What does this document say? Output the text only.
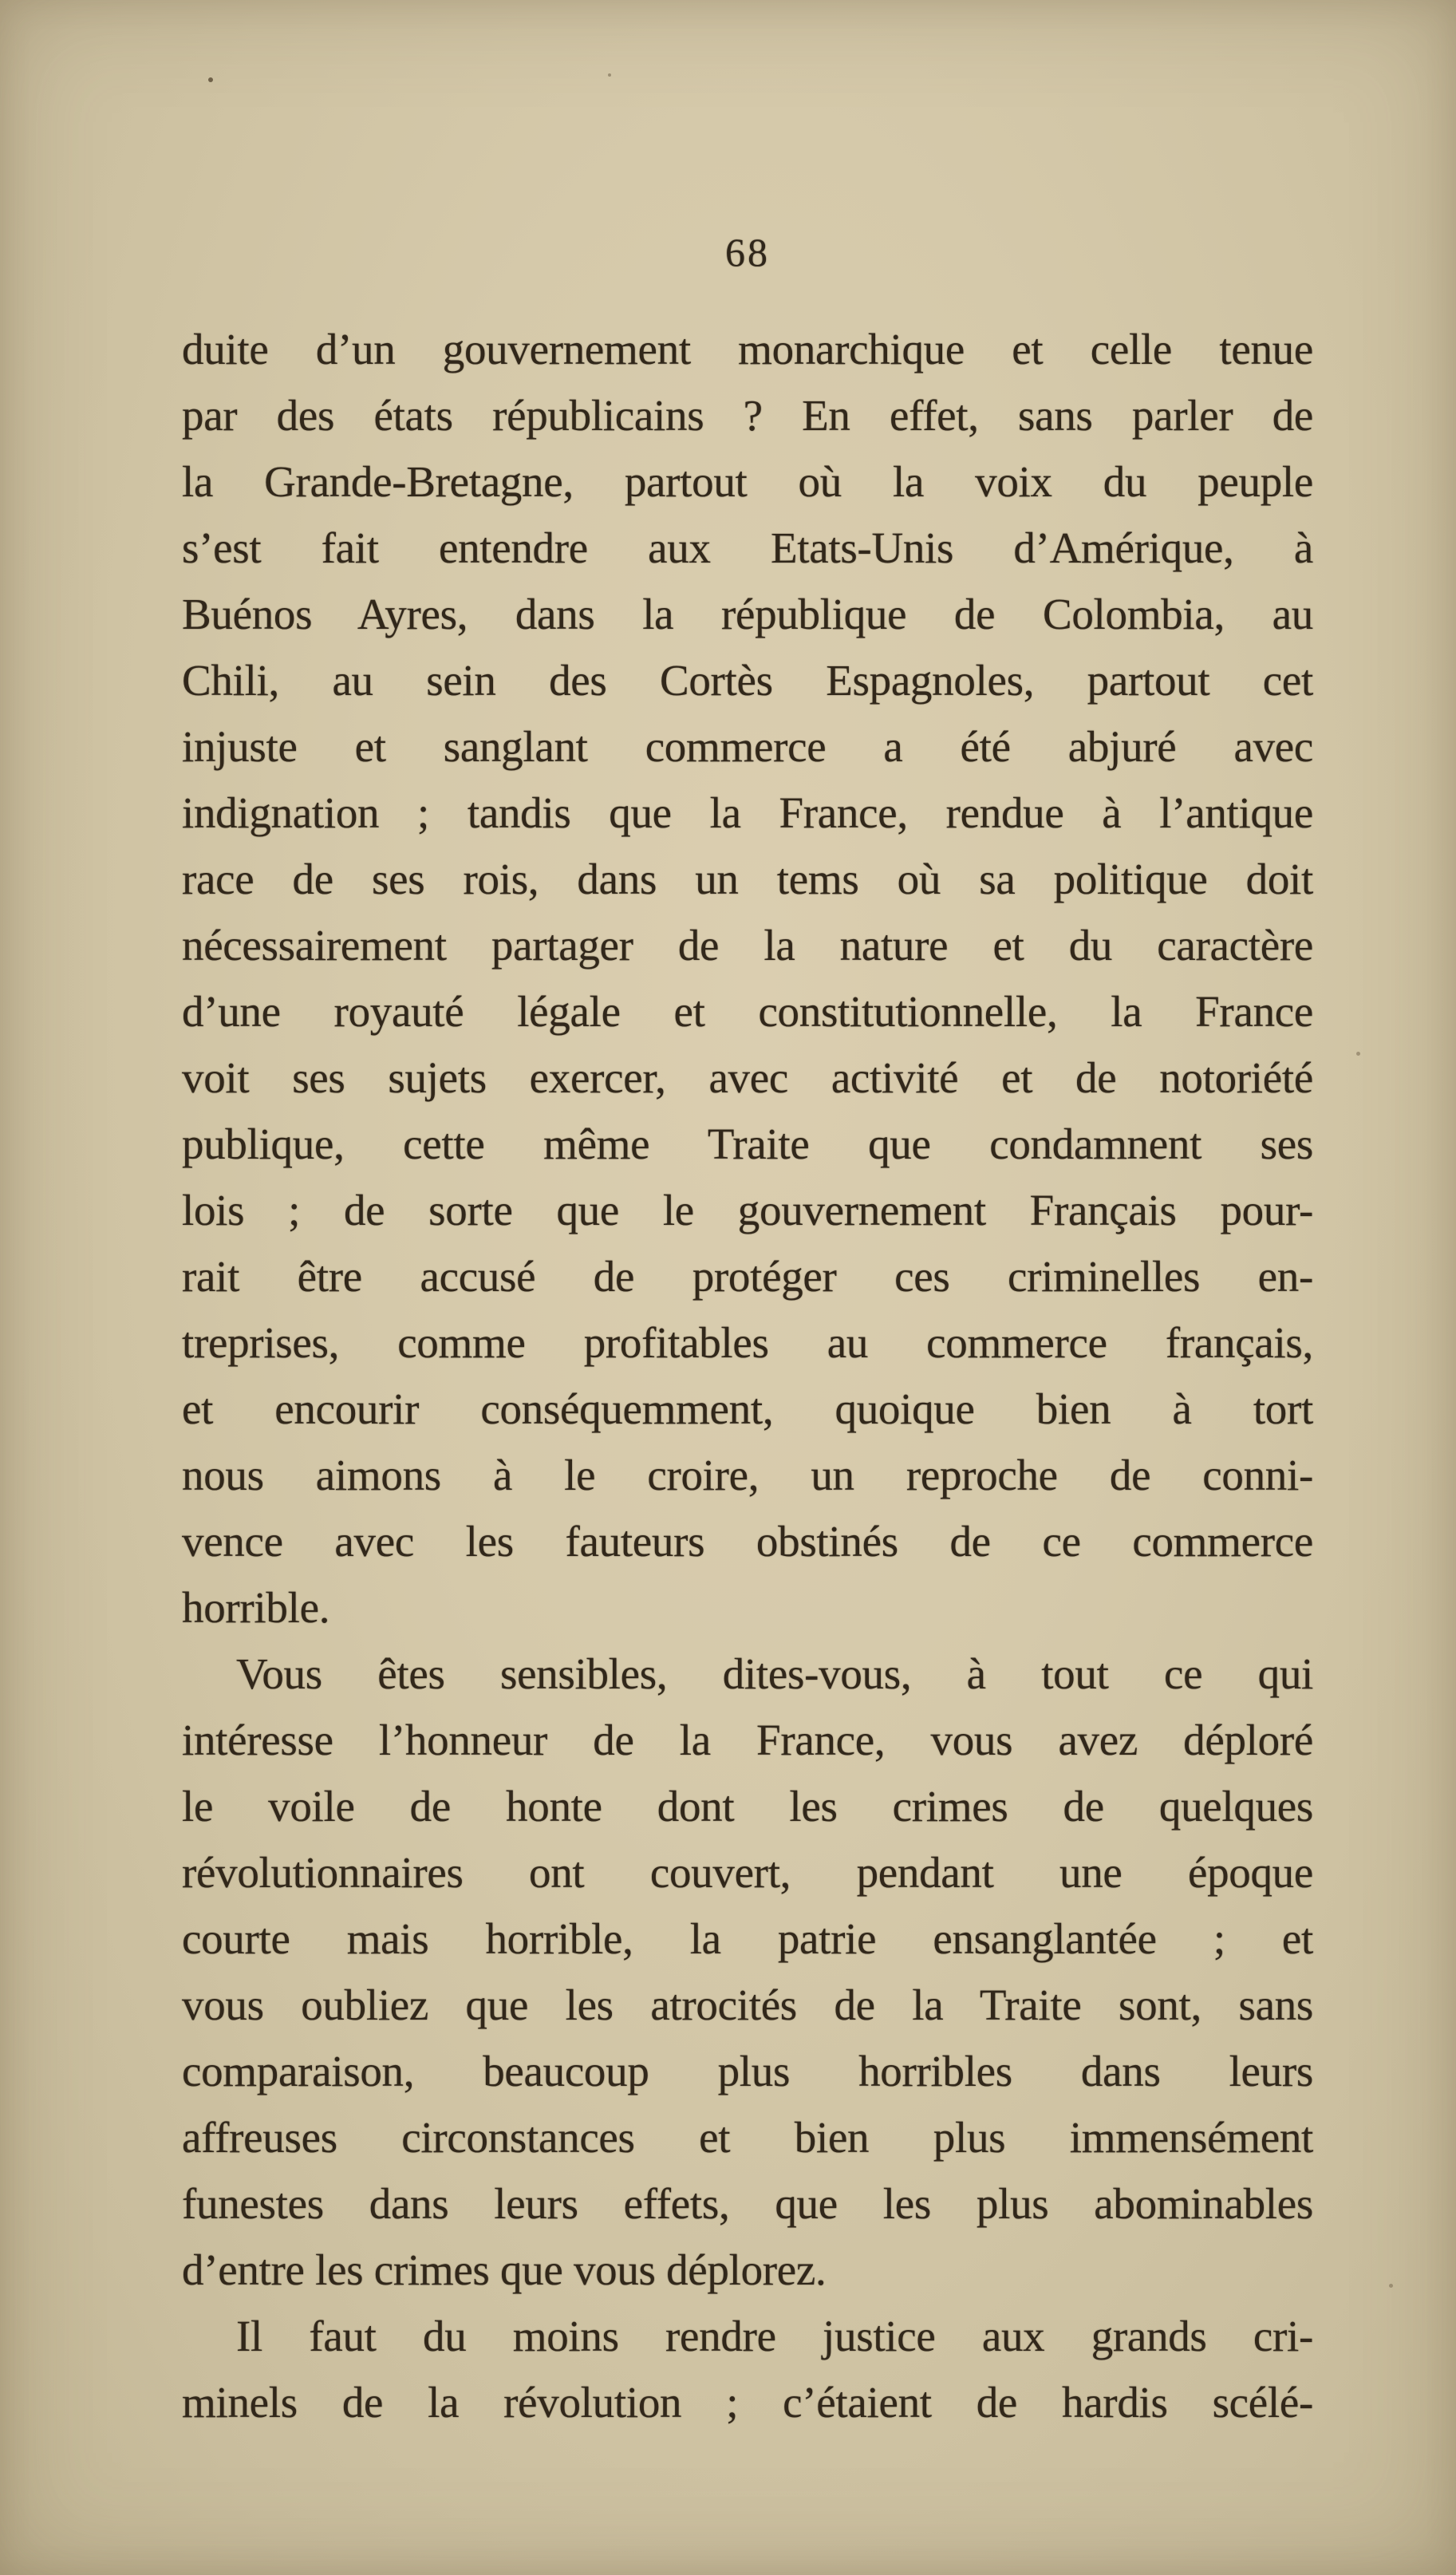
68
duite d’un gouvernement monarchique et celle tenue
par des états républicains ? En effet, sans parler de
la Grande-Bretagne, partout où la voix du peuple
s’est fait entendre aux Etats-Unis d’Amérique, à
Buénos Ayres, dans la république de Colombia, au
Chili, au sein des Cortès Espagnoles, partout cet
injuste et sanglant commerce a été abjuré avec
indignation ; tandis que la France, rendue à l’antique
race de ses rois, dans un tems où sa politique doit
nécessairement partager de la nature et du caractère
d’une royauté légale et constitutionnelle, la France
voit ses sujets exercer, avec activité et de notoriété
publique, cette même Traite que condamnent ses
lois ; de sorte que le gouvernement Français pour-
rait être accusé de protéger ces criminelles en-
treprises, comme profitables au commerce français,
et encourir conséquemment, quoique bien à tort
nous aimons à le croire, un reproche de conni-
vence avec les fauteurs obstinés de ce commerce
horrible.
Vous êtes sensibles, dites-vous, à tout ce qui
intéresse l’honneur de la France, vous avez déploré
le voile de honte dont les crimes de quelques
révolutionnaires ont couvert, pendant une époque
courte mais horrible, la patrie ensanglantée ; et
vous oubliez que les atrocités de la Traite sont, sans
comparaison, beaucoup plus horribles dans leurs
affreuses circonstances et bien plus immensément
funestes dans leurs effets, que les plus abominables
d’entre les crimes que vous déplorez.
Il faut du moins rendre justice aux grands cri-
minels de la révolution ; c’étaient de hardis scélé-
